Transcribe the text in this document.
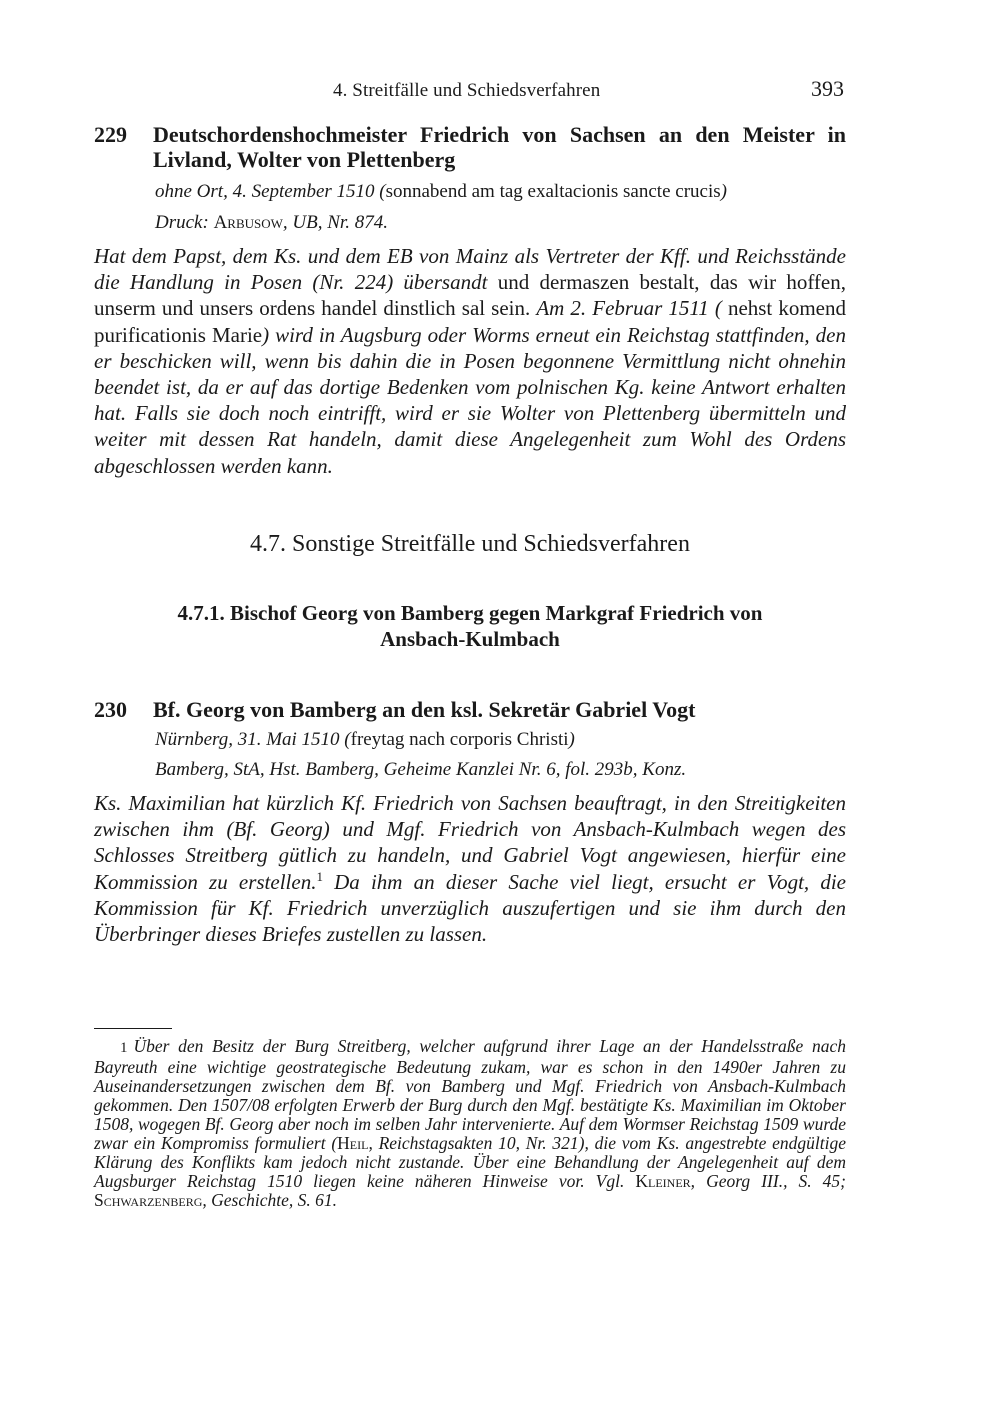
4. Streitfälle und Schiedsverfahren	393
229	Deutschordenshochmeister Friedrich von Sachsen an den Meister in Livland, Wolter von Plettenberg
ohne Ort, 4. September 1510 (sonnabend am tag exaltacionis sancte crucis)
Druck: Arbusow, UB, Nr. 874.
Hat dem Papst, dem Ks. und dem EB von Mainz als Vertreter der Kff. und Reichsstände die Handlung in Posen (Nr. 224) übersandt und dermaszen bestalt, das wir hoffen, unserm und unsers ordens handel dinstlich sal sein. Am 2. Februar 1511 ( nehst komend purificationis Marie) wird in Augsburg oder Worms erneut ein Reichstag stattfinden, den er beschicken will, wenn bis dahin die in Posen begonnene Vermittlung nicht ohnehin beendet ist, da er auf das dortige Bedenken vom polnischen Kg. keine Antwort erhalten hat. Falls sie doch noch eintrifft, wird er sie Wolter von Plettenberg übermitteln und weiter mit dessen Rat handeln, damit diese Angelegenheit zum Wohl des Ordens abgeschlossen werden kann.
4.7. Sonstige Streitfälle und Schiedsverfahren
4.7.1. Bischof Georg von Bamberg gegen Markgraf Friedrich von
Ansbach-Kulmbach
230	Bf. Georg von Bamberg an den ksl. Sekretär Gabriel Vogt
Nürnberg, 31. Mai 1510 (freytag nach corporis Christi)
Bamberg, StA, Hst. Bamberg, Geheime Kanzlei Nr. 6, fol. 293b, Konz.
Ks. Maximilian hat kürzlich Kf. Friedrich von Sachsen beauftragt, in den Streitigkeiten zwischen ihm (Bf. Georg) und Mgf. Friedrich von Ansbach-Kulmbach wegen des Schlosses Streitberg gütlich zu handeln, und Gabriel Vogt angewiesen, hierfür eine Kommission zu erstellen.$^1$ Da ihm an dieser Sache viel liegt, ersucht er Vogt, die Kommission für Kf. Friedrich unverzüglich auszufertigen und sie ihm durch den Überbringer dieses Briefes zustellen zu lassen.
1 Über den Besitz der Burg Streitberg, welcher aufgrund ihrer Lage an der Handelsstraße nach Bayreuth eine wichtige geostrategische Bedeutung zukam, war es schon in den 1490er Jahren zu Auseinandersetzungen zwischen dem Bf. von Bamberg und Mgf. Friedrich von Ansbach-Kulmbach gekommen. Den 1507/08 erfolgten Erwerb der Burg durch den Mgf. bestätigte Ks. Maximilian im Oktober 1508, wogegen Bf. Georg aber noch im selben Jahr intervenierte. Auf dem Wormser Reichstag 1509 wurde zwar ein Kompromiss formuliert (Heil, Reichstagsakten 10, Nr. 321), die vom Ks. angestrebte endgültige Klärung des Konflikts kam jedoch nicht zustande. Über eine Behandlung der Angelegenheit auf dem Augsburger Reichstag 1510 liegen keine näheren Hinweise vor. Vgl. Kleiner, Georg III., S. 45; Schwarzenberg, Geschichte, S. 61.
